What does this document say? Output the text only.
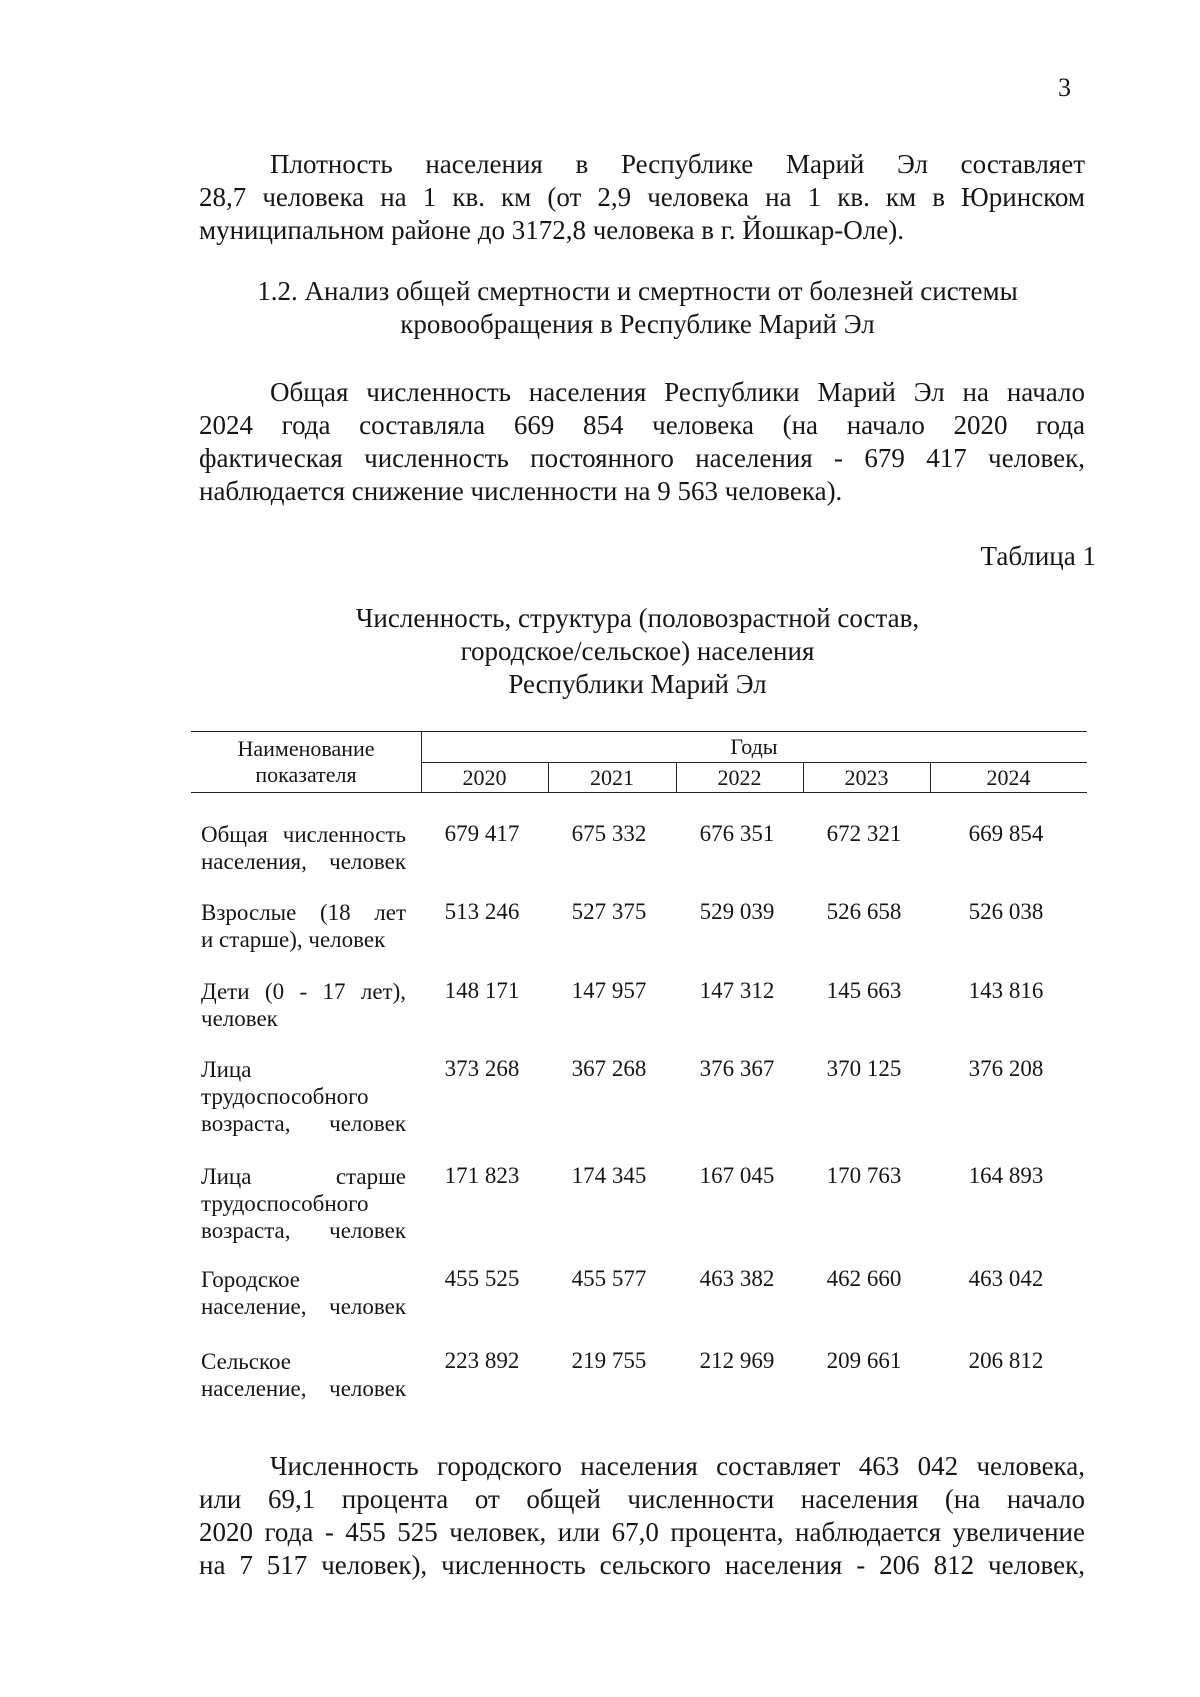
3
Плотность населения в Республике Марий Эл составляет
28,7 человека на 1 кв. км (от 2,9 человека на 1 кв. км в Юринском
муниципальном районе до 3172,8 человека в г. Йошкар-Оле).
1.2. Анализ общей смертности и смертности от болезней системы
кровообращения в Республике Марий Эл
Общая численность населения Республики Марий Эл на начало
2024 года составляла 669 854 человека (на начало 2020 года
фактическая численность постоянного населения - 679 417 человек,
наблюдается снижение численности на 9 563 человека).
Таблица 1
Численность, структура (половозрастной состав,
городское/сельское) населения
Республики Марий Эл
Наименование
показателя
Годы
2020	2021	2022	2023	2024
Общая численность
населения, человек
679 417	675 332	676 351	672 321	669 854
Взрослые (18 лет
и старше), человек
513 246	527 375	529 039	526 658	526 038
Дети (0 - 17 лет),
человек
148 171	147 957	147 312	145 663	143 816
Лица
трудоспособного
возраста, человек
373 268	367 268	376 367	370 125	376 208
Лица старше
трудоспособного
возраста, человек
171 823	174 345	167 045	170 763	164 893
Городское
население, человек
455 525	455 577	463 382	462 660	463 042
Сельское
население, человек
223 892	219 755	212 969	209 661	206 812
Численность городского населения составляет 463 042 человека,
или 69,1 процента от общей численности населения (на начало
2020 года - 455 525 человек, или 67,0 процента, наблюдается увеличение
на 7 517 человек), численность сельского населения - 206 812 человек,
